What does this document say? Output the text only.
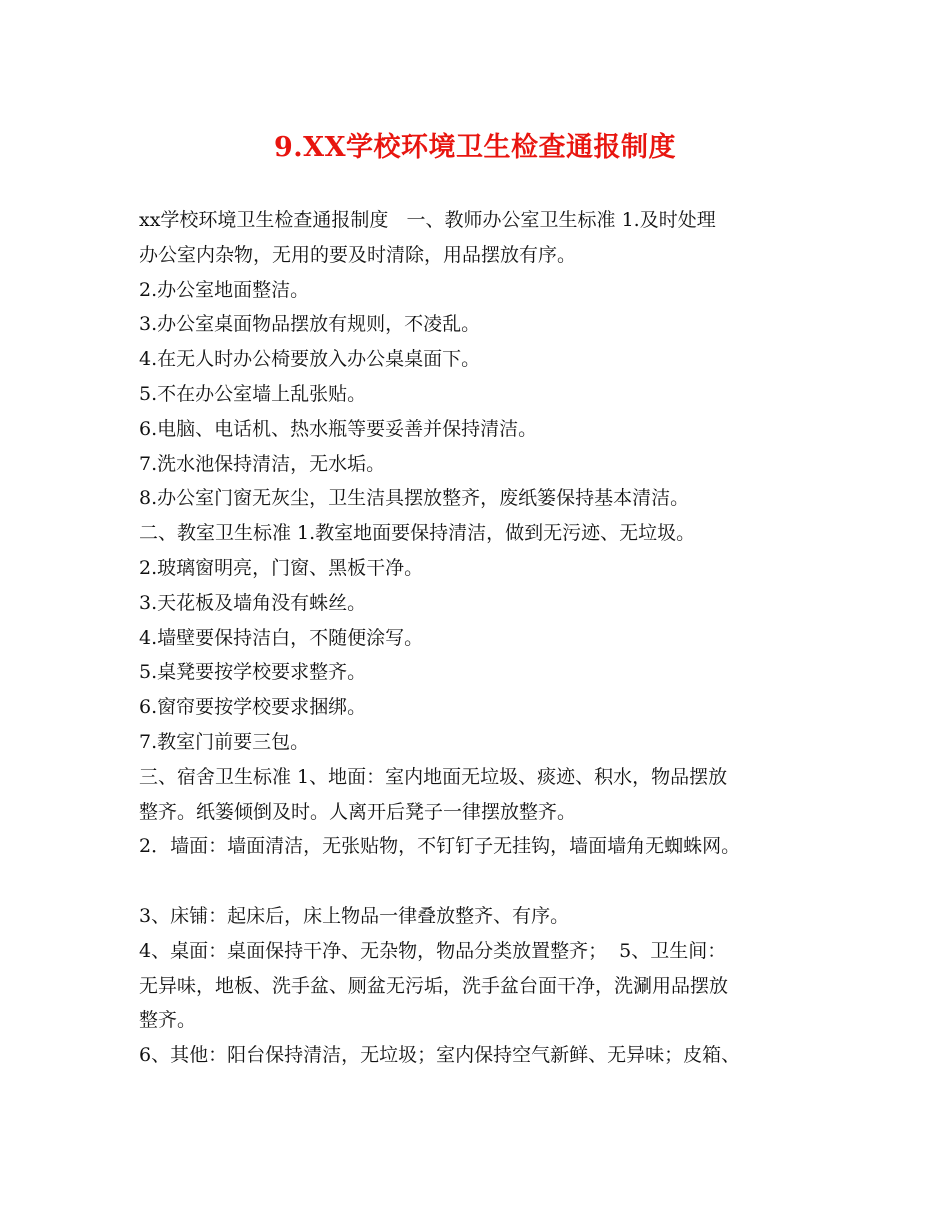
9.XX学校环境卫生检查通报制度

xx学校环境卫生检查通报制度   一、教师办公室卫生标准 1.及时处理

办公室内杂物，无用的要及时清除，用品摆放有序。

2.办公室地面整洁。

3.办公室桌面物品摆放有规则，不凌乱。

4.在无人时办公椅要放入办公桌桌面下。

5.不在办公室墙上乱张贴。

6.电脑、电话机、热水瓶等要妥善并保持清洁。

7.洗水池保持清洁，无水垢。

8.办公室门窗无灰尘，卫生洁具摆放整齐，废纸篓保持基本清洁。

二、教室卫生标准 1.教室地面要保持清洁，做到无污迹、无垃圾。

2.玻璃窗明亮，门窗、黑板干净。

3.天花板及墙角没有蛛丝。

4.墙壁要保持洁白，不随便涂写。

5.桌凳要按学校要求整齐。

6.窗帘要按学校要求捆绑。

7.教室门前要三包。

三、宿舍卫生标准 1、地面：室内地面无垃圾、痰迹、积水，物品摆放

整齐。纸篓倾倒及时。人离开后凳子一律摆放整齐。

2．墙面：墙面清洁，无张贴物，不钉钉子无挂钩，墙面墙角无蜘蛛网。

3、床铺：起床后，床上物品一律叠放整齐、有序。

4、桌面：桌面保持干净、无杂物，物品分类放置整齐；  5、卫生间：

无异味，地板、洗手盆、厕盆无污垢，洗手盆台面干净，洗涮用品摆放

整齐。

6、其他：阳台保持清洁，无垃圾；室内保持空气新鲜、无异味；皮箱、
